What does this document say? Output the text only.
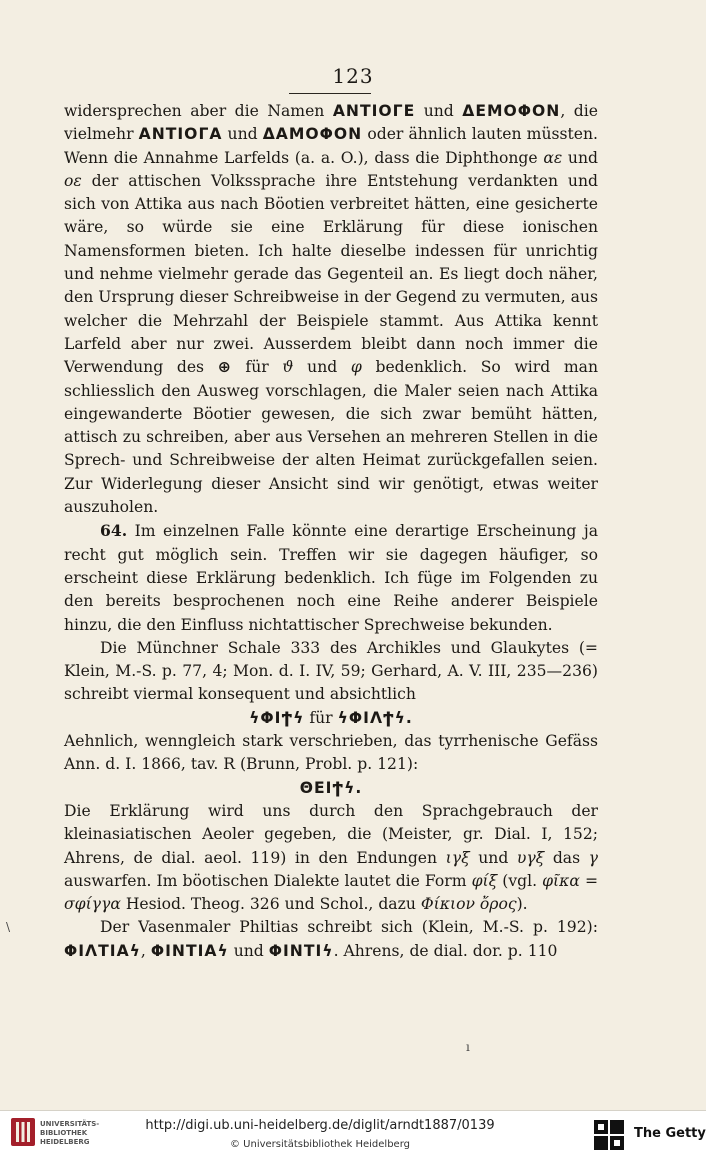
123

widersprechen aber die Namen ANTIOΓE und ΔEMOΦON, die vielmehr ANTIOΓA und ΔAMOΦON oder ähnlich lauten müssten. Wenn die Annahme Larfelds (a. a. O.), dass die Diphthonge αε und οε der attischen Volkssprache ihre Entstehung verdankten und sich von Attika aus nach Böotien verbreitet hätten, eine gesicherte wäre, so würde sie eine Erklärung für diese ionischen Namensformen bieten. Ich halte dieselbe indessen für unrichtig und nehme vielmehr gerade das Gegenteil an. Es liegt doch näher, den Ursprung dieser Schreibweise in der Gegend zu vermuten, aus welcher die Mehrzahl der Beispiele stammt. Aus Attika kennt Larfeld aber nur zwei. Ausserdem bleibt dann noch immer die Verwendung des ⊕ für ϑ und φ bedenklich. So wird man schliesslich den Ausweg vorschlagen, die Maler seien nach Attika eingewanderte Böotier gewesen, die sich zwar bemüht hätten, attisch zu schreiben, aber aus Versehen an mehreren Stellen in die Sprech- und Schreibweise der alten Heimat zurückgefallen seien. Zur Widerlegung dieser Ansicht sind wir genötigt, etwas weiter auszuholen.

64. Im einzelnen Falle könnte eine derartige Erscheinung ja recht gut möglich sein. Treffen wir sie dagegen häufiger, so erscheint diese Erklärung bedenklich. Ich füge im Folgenden zu den bereits besprochenen noch eine Reihe anderer Beispiele hinzu, die den Einfluss nichtattischer Sprechweise bekunden.

Die Münchner Schale 333 des Archikles und Glaukytes (= Klein, M.-S. p. 77, 4; Mon. d. I. IV, 59; Gerhard, A. V. III, 235—236) schreibt viermal konsequent und absichtlich

ϟΦΙϮϟ für ϟΦΙΛϮϟ.

Aehnlich, wenngleich stark verschrieben, das tyrrhenische Gefäss Ann. d. I. 1866, tav. R (Brunn, Probl. p. 121):

ΘΕΙϮϟ.

Die Erklärung wird uns durch den Sprachgebrauch der kleinasiatischen Aeoler gegeben, die (Meister, gr. Dial. I, 152; Ahrens, de dial. aeol. 119) in den Endungen ιγξ und υγξ das γ auswarfen. Im böotischen Dialekte lautet die Form φίξ (vgl. φῖκα = σφίγγα Hesiod. Theog. 326 und Schol., dazu Φίκιον ὄρος).

Der Vasenmaler Philtias schreibt sich (Klein, M.-S. p. 192): ΦΙΛΤΙΑϟ, ΦΙΝΤΙΑϟ und ΦΙΝΤΙϟ. Ahrens, de dial. dor. p. 110

\
ı
UNIVERSITÄTS-
BIBLIOTHEK
HEIDELBERG
http://digi.ub.uni-heidelberg.de/diglit/arndt1887/0139
© Universitätsbibliothek Heidelberg
The Getty
